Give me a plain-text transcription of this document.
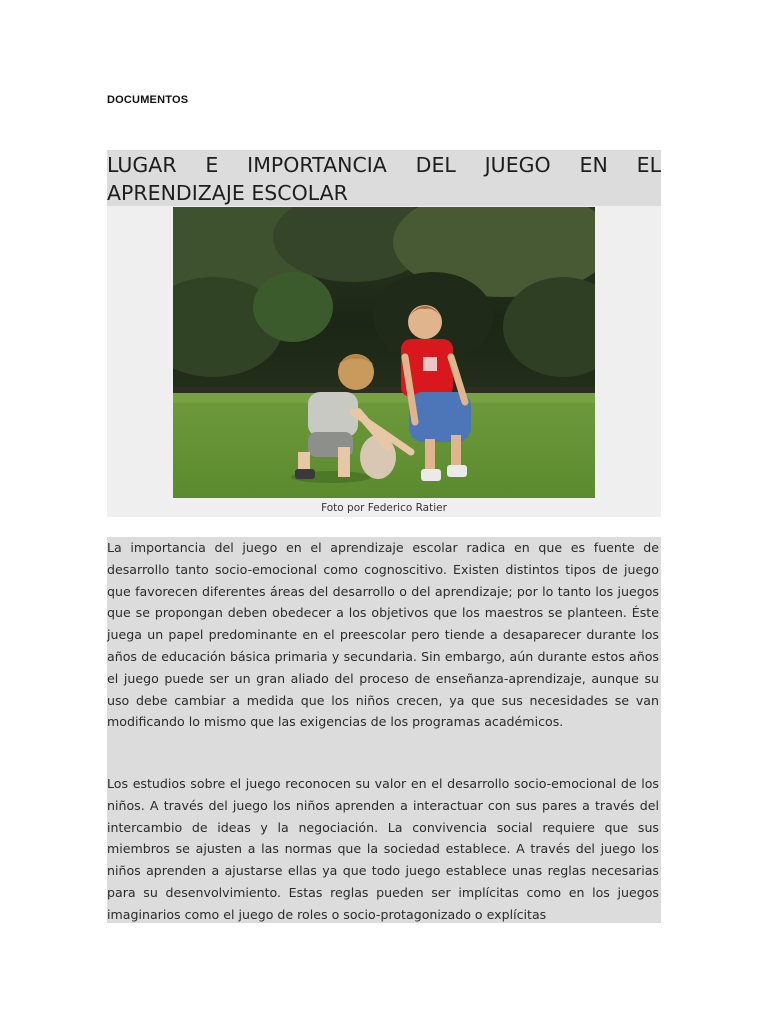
DOCUMENTOS
LUGAR E IMPORTANCIA DEL JUEGO EN EL APRENDIZAJE ESCOLAR
Foto por Federico Ratier

La importancia del juego en el aprendizaje escolar radica en que es fuente de desarrollo tanto socio-emocional como cognoscitivo. Existen distintos tipos de juego que favorecen diferentes áreas del desarrollo o del aprendizaje; por lo tanto los juegos que se propongan deben obedecer a los objetivos que los maestros se planteen. Éste juega un papel predominante en el preescolar pero tiende a desaparecer durante los años de educación básica primaria y secundaria. Sin embargo, aún durante estos años el juego puede ser un gran aliado del proceso de enseñanza-aprendizaje, aunque su uso debe cambiar a medida que los niños crecen, ya que sus necesidades se van modificando lo mismo que las exigencias de los programas académicos.

Los estudios sobre el juego reconocen su valor en el desarrollo socio-emocional de los niños. A través del juego los niños aprenden a interactuar con sus pares a través del intercambio de ideas y la negociación. La convivencia social requiere que sus miembros se ajusten a las normas que la sociedad establece. A través del juego los niños aprenden a ajustarse ellas ya que todo juego establece unas reglas necesarias para su desenvolvimiento. Estas reglas pueden ser implícitas como en los juegos imaginarios como el juego de roles o socio-protagonizado o explícitas
